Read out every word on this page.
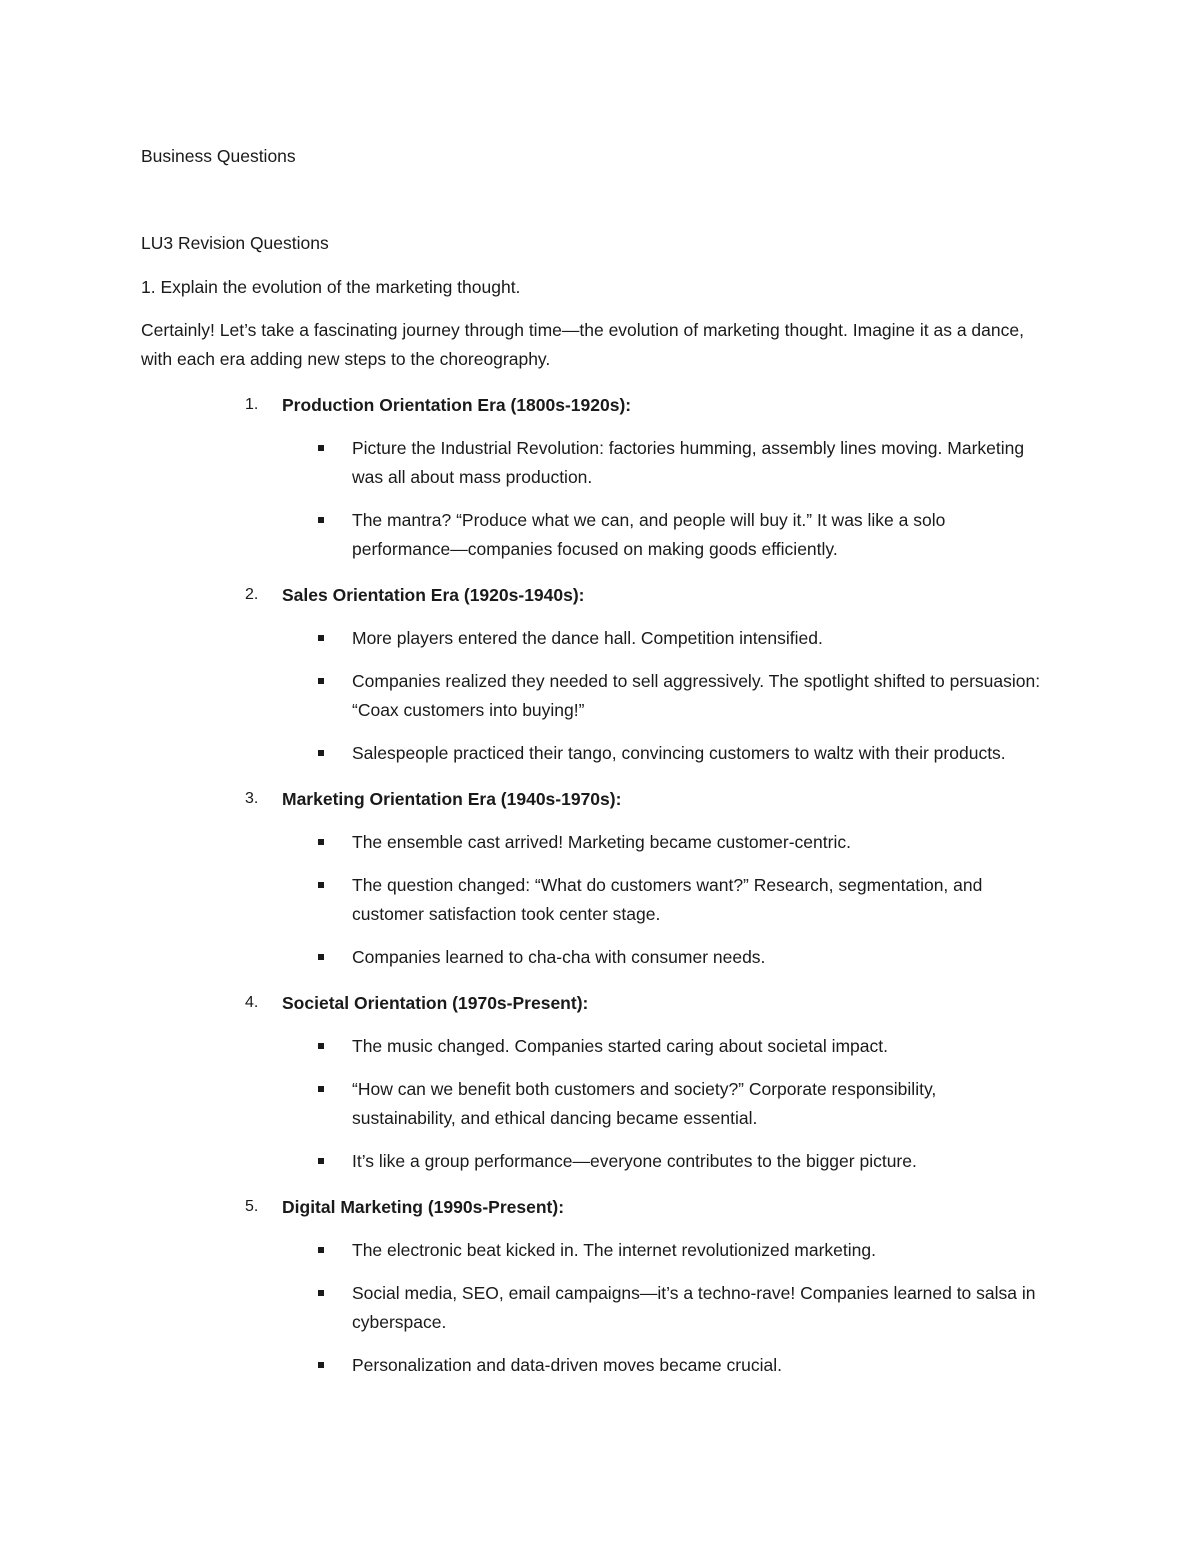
Business Questions

LU3 Revision Questions

1. Explain the evolution of the marketing thought.

Certainly! Let’s take a fascinating journey through time—the evolution of marketing thought. Imagine it as a dance, with each era adding new steps to the choreography.

1. Production Orientation Era (1800s-1920s):
Picture the Industrial Revolution: factories humming, assembly lines moving. Marketing was all about mass production.
The mantra? “Produce what we can, and people will buy it.” It was like a solo performance—companies focused on making goods efficiently.
2. Sales Orientation Era (1920s-1940s):
More players entered the dance hall. Competition intensified.
Companies realized they needed to sell aggressively. The spotlight shifted to persuasion: “Coax customers into buying!”
Salespeople practiced their tango, convincing customers to waltz with their products.
3. Marketing Orientation Era (1940s-1970s):
The ensemble cast arrived! Marketing became customer-centric.
The question changed: “What do customers want?” Research, segmentation, and customer satisfaction took center stage.
Companies learned to cha-cha with consumer needs.
4. Societal Orientation (1970s-Present):
The music changed. Companies started caring about societal impact.
“How can we benefit both customers and society?” Corporate responsibility, sustainability, and ethical dancing became essential.
It’s like a group performance—everyone contributes to the bigger picture.
5. Digital Marketing (1990s-Present):
The electronic beat kicked in. The internet revolutionized marketing.
Social media, SEO, email campaigns—it’s a techno-rave! Companies learned to salsa in cyberspace.
Personalization and data-driven moves became crucial.
